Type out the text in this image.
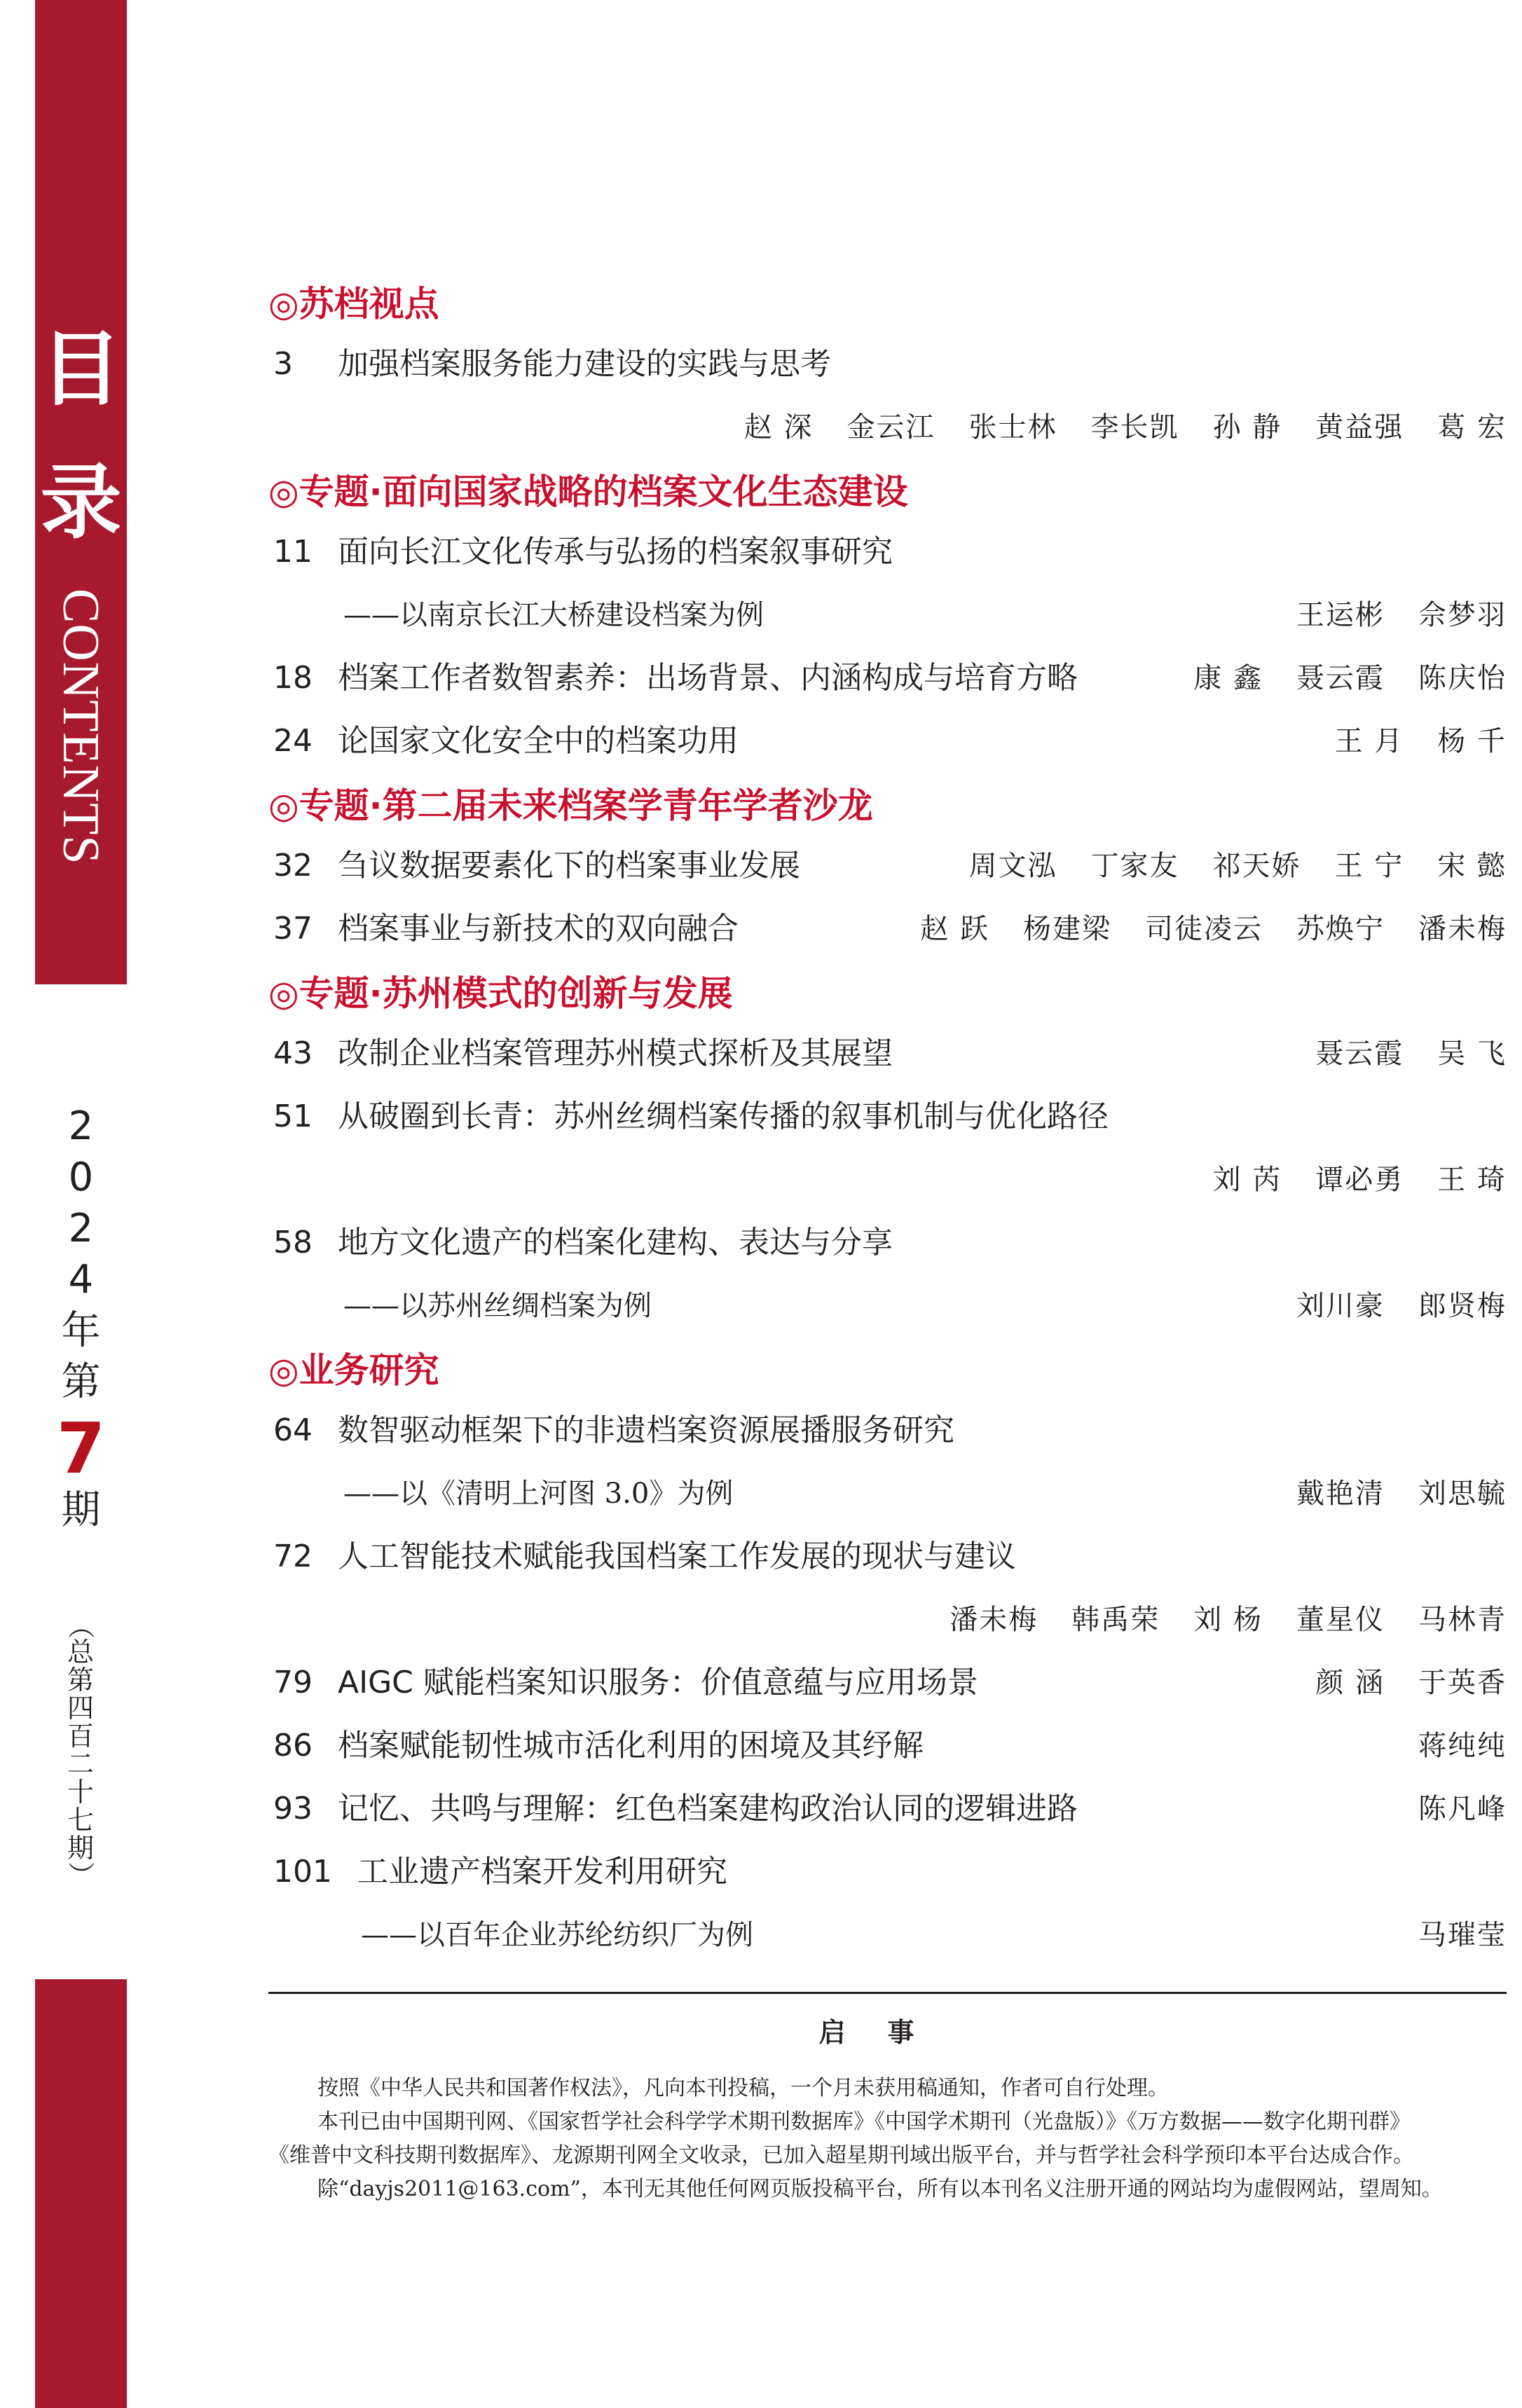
目
录
CONTENTS
2
0
2
4
年
第
7
期
（
总
第
四
百
二
十
七
期
）
◎苏档视点
3 加强档案服务能力建设的实践与思考
赵 深 金云江 张士林 李长凯 孙 静 黄益强 葛 宏
◎专题·面向国家战略的档案文化生态建设
11 面向长江文化传承与弘扬的档案叙事研究
——以南京长江大桥建设档案为例	王运彬 佘梦羽
18 档案工作者数智素养：出场背景、内涵构成与培育方略	康 鑫 聂云霞 陈庆怡
24 论国家文化安全中的档案功用	王 月 杨 千
◎专题·第二届未来档案学青年学者沙龙
32 刍议数据要素化下的档案事业发展	周文泓 丁家友 祁天娇 王 宁 宋 懿
37 档案事业与新技术的双向融合	赵 跃 杨建梁 司徒凌云 苏焕宁 潘未梅
◎专题·苏州模式的创新与发展
43 改制企业档案管理苏州模式探析及其展望	聂云霞 吴 飞
51 从破圈到长青：苏州丝绸档案传播的叙事机制与优化路径
刘 芮 谭必勇 王 琦
58 地方文化遗产的档案化建构、表达与分享
——以苏州丝绸档案为例	刘川豪 郎贤梅
◎业务研究
64 数智驱动框架下的非遗档案资源展播服务研究
——以《清明上河图 3.0》为例	戴艳清 刘思毓
72 人工智能技术赋能我国档案工作发展的现状与建议
潘未梅 韩禹荣 刘 杨 董星仪 马林青
79 AIGC 赋能档案知识服务：价值意蕴与应用场景	颜 涵 于英香
86 档案赋能韧性城市活化利用的困境及其纾解	蒋纯纯
93 记忆、共鸣与理解：红色档案建构政治认同的逻辑进路	陈凡峰
101 工业遗产档案开发利用研究
——以百年企业苏纶纺织厂为例	马璀莹
启事
按照《中华人民共和国著作权法》，凡向本刊投稿，一个月未获用稿通知，作者可自行处理。
本刊已由中国期刊网、《国家哲学社会科学学术期刊数据库》《中国学术期刊（光盘版）》《万方数据——数字化期刊群》
《维普中文科技期刊数据库》、龙源期刊网全文收录，已加入超星期刊域出版平台，并与哲学社会科学预印本平台达成合作。
除“dayjs2011@163.com”，本刊无其他任何网页版投稿平台，所有以本刊名义注册开通的网站均为虚假网站，望周知。
